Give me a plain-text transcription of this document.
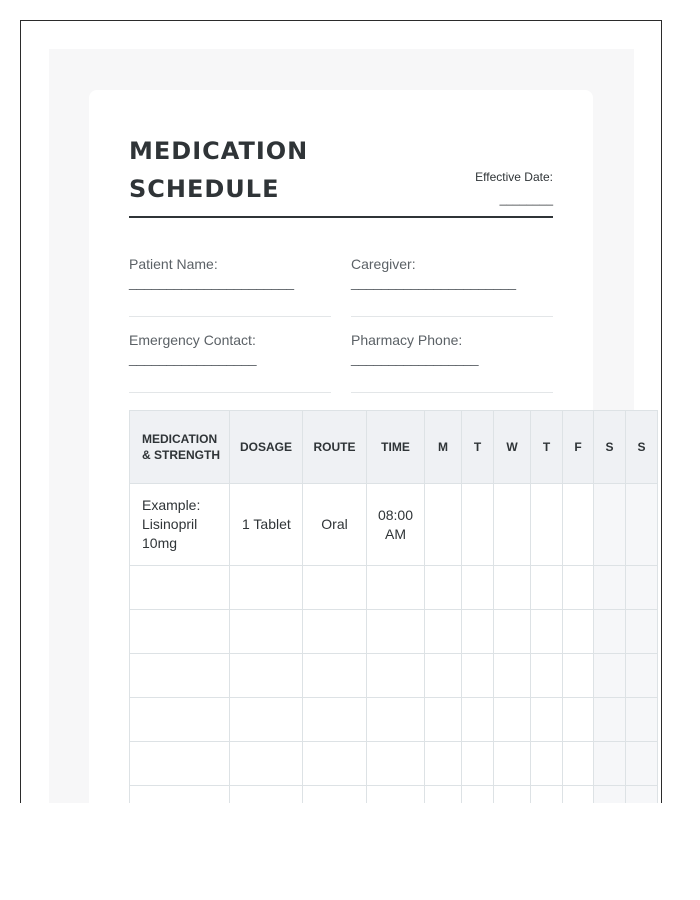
MEDICATION SCHEDULE	Effective Date:
________
Patient Name:
______________________
Caregiver:
______________________
Emergency Contact:
_________________
Pharmacy Phone:
_________________
MEDICATION & STRENGTH	DOSAGE	ROUTE	TIME	M	T	W	T	F	S	S
Example: Lisinopril 10mg	1 Tablet	Oral	08:00 AM							
